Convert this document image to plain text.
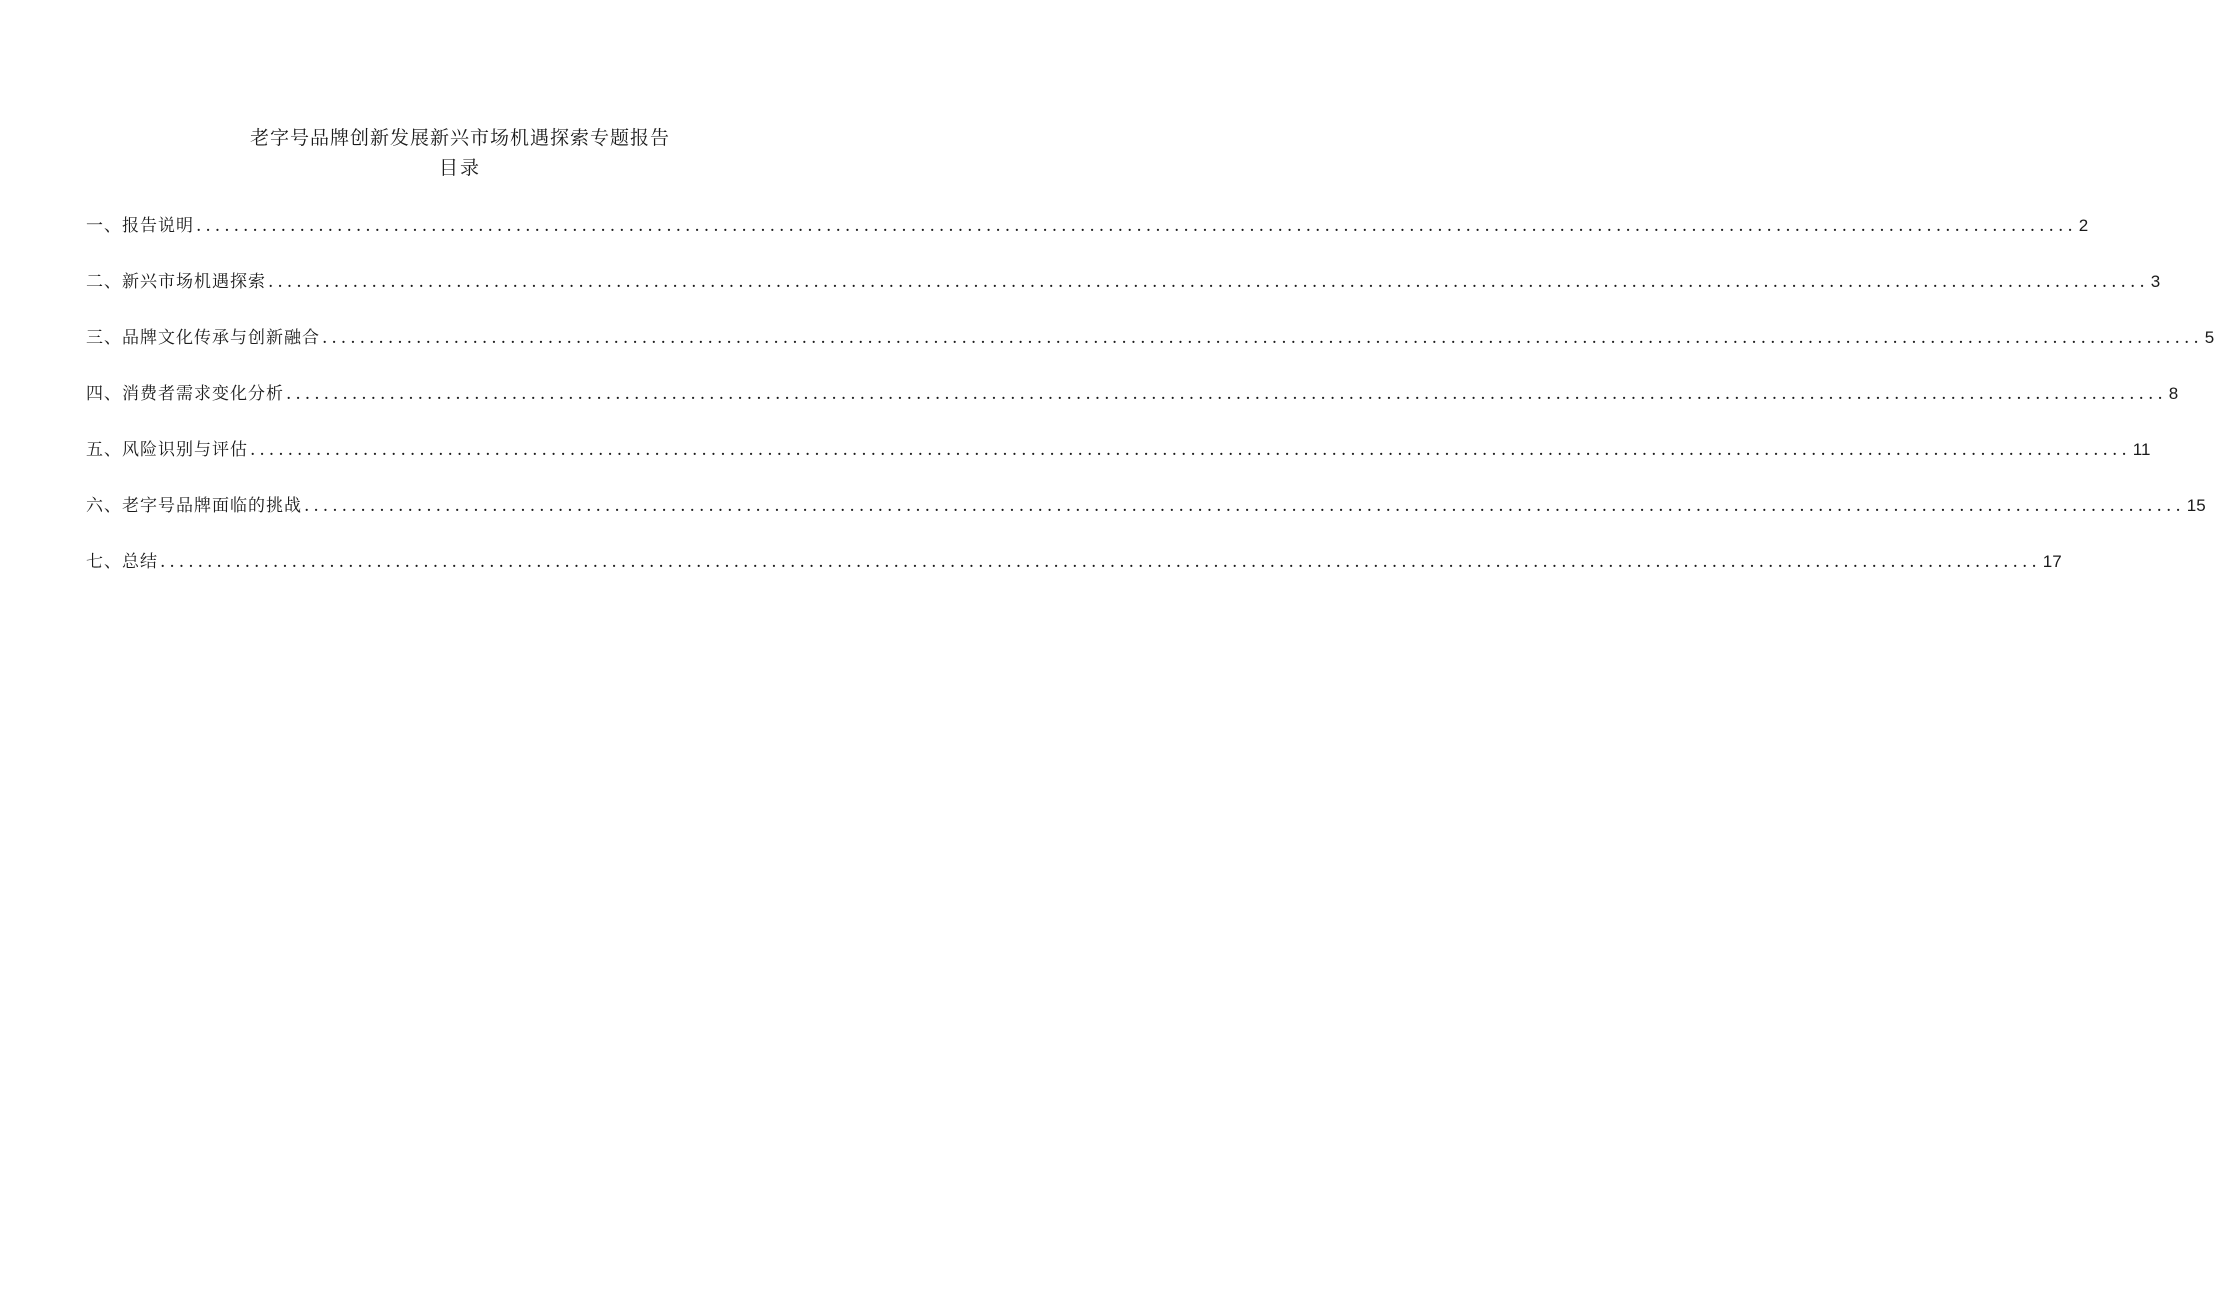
老字号品牌创新发展新兴市场机遇探索专题报告
目录
一、报告说明 ........................................................................................................................................................................................................ 2
二、新兴市场机遇探索 ........................................................................................................................................................................................................ 3
三、品牌文化传承与创新融合 ........................................................................................................................................................................................................ 5
四、消费者需求变化分析 ........................................................................................................................................................................................................ 8
五、风险识别与评估 ........................................................................................................................................................................................................ 11
六、老字号品牌面临的挑战 ........................................................................................................................................................................................................ 15
七、总结 ........................................................................................................................................................................................................ 17
